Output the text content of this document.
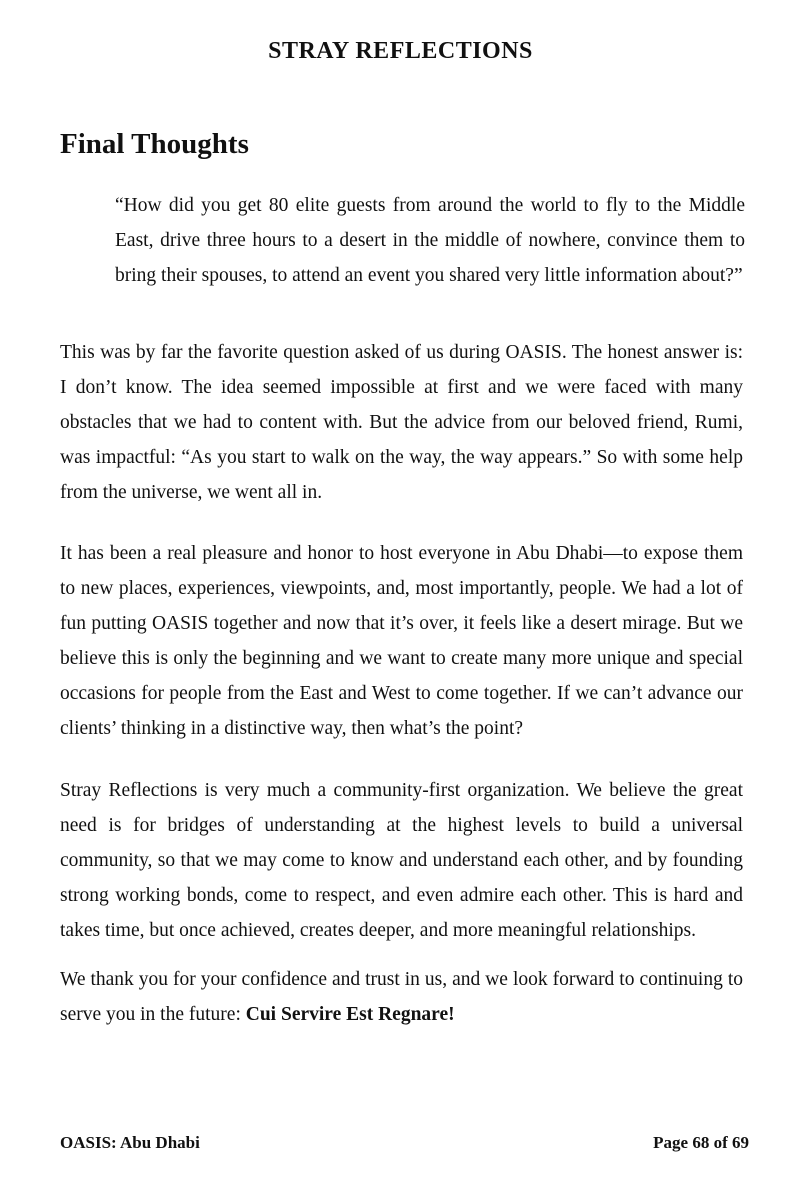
STRAY REFLECTIONS
Final Thoughts

“How did you get 80 elite guests from around the world to fly to the Middle East, drive three hours to a desert in the middle of nowhere, convince them to bring their spouses, to attend an event you shared very little information about?”

This was by far the favorite question asked of us during OASIS. The honest answer is: I don’t know. The idea seemed impossible at first and we were faced with many obstacles that we had to content with. But the advice from our beloved friend, Rumi, was impactful: “As you start to walk on the way, the way appears.” So with some help from the universe, we went all in.

It has been a real pleasure and honor to host everyone in Abu Dhabi—to expose them to new places, experiences, viewpoints, and, most importantly, people. We had a lot of fun putting OASIS together and now that it’s over, it feels like a desert mirage. But we believe this is only the beginning and we want to create many more unique and special occasions for people from the East and West to come together. If we can’t advance our clients’ thinking in a distinctive way, then what’s the point?

Stray Reflections is very much a community-first organization. We believe the great need is for bridges of understanding at the highest levels to build a universal community, so that we may come to know and understand each other, and by founding strong working bonds, come to respect, and even admire each other. This is hard and takes time, but once achieved, creates deeper, and more meaningful relationships.

We thank you for your confidence and trust in us, and we look forward to continuing to serve you in the future: Cui Servire Est Regnare!

OASIS: Abu Dhabi	Page 68 of 69
